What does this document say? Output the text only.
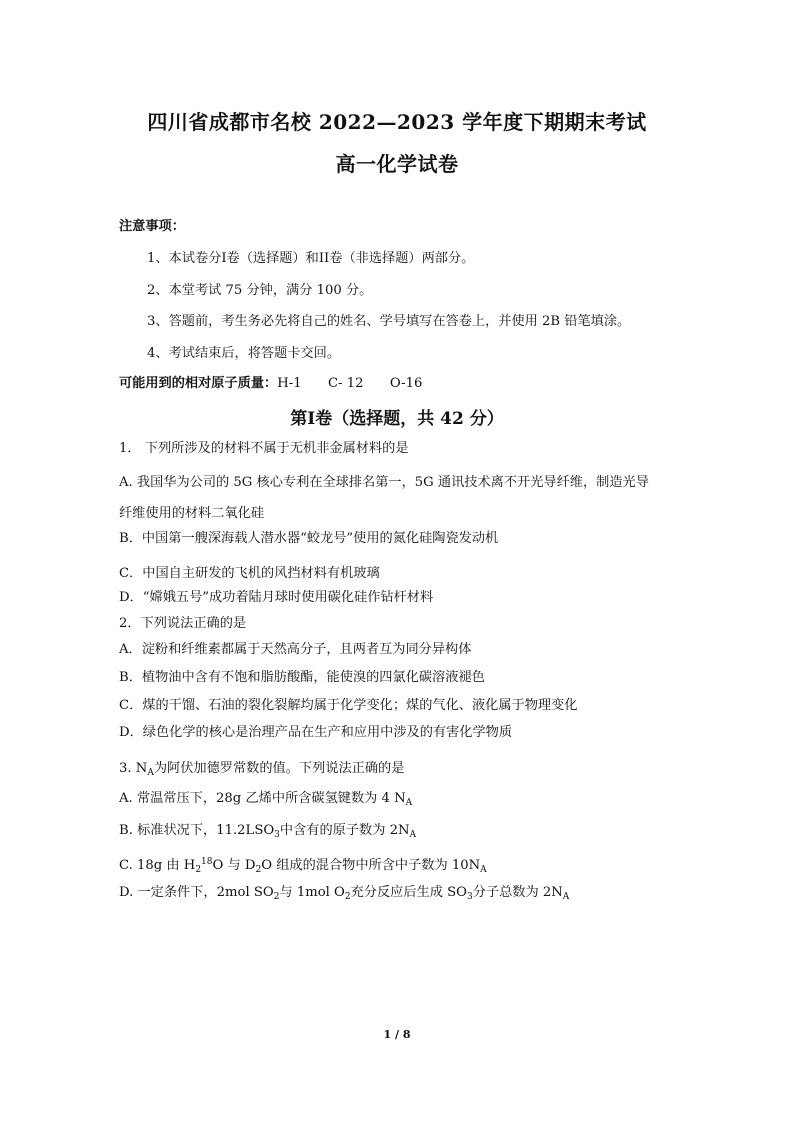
四川省成都市名校 2022—2023 学年度下期期末考试
高一化学试卷
注意事项：
1、本试卷分I卷（选择题）和II卷（非选择题）两部分。
2、本堂考试 75 分钟，满分 100 分。
3、答题前，考生务必先将自己的姓名、学号填写在答卷上，并使用 2B 铅笔填涂。
4、考试结束后，将答题卡交回。
可能用到的相对原子质量：H-1　　C- 12　　O-16
第I卷（选择题，共 42 分）
1． 下列所涉及的材料不属于无机非金属材料的是
A. 我国华为公司的 5G 核心专利在全球排名第一，5G 通讯技术离不开光导纤维，制造光导
纤维使用的材料二氧化硅
B．中国第一艘深海载人潜水器“蛟龙号”使用的氮化硅陶瓷发动机
C．中国自主研发的飞机的风挡材料有机玻璃
D．“嫦娥五号”成功着陆月球时使用碳化硅作钻杆材料
2．下列说法正确的是
A．淀粉和纤维素都属于天然高分子，且两者互为同分异构体
B．植物油中含有不饱和脂肪酸酯，能使溴的四氯化碳溶液褪色
C．煤的干馏、石油的裂化裂解均属于化学变化；煤的气化、液化属于物理变化
D．绿色化学的核心是治理产品在生产和应用中涉及的有害化学物质
3. $N_A$为阿伏加德罗常数的值。下列说法正确的是
A. 常温常压下，28g 乙烯中所含碳氢键数为 4 $N_A$
B. 标准状况下，$11.2LSO_3$中含有的原子数为 $2N_A$
C. 18g 由 $H_2^{18}O$ 与 $D_2O$ 组成的混合物中所含中子数为 $10N_A$
D. 一定条件下，2mol $SO_2$与 1mol $O_2$充分反应后生成 $SO_3$分子总数为 $2N_A$
1 / 8
